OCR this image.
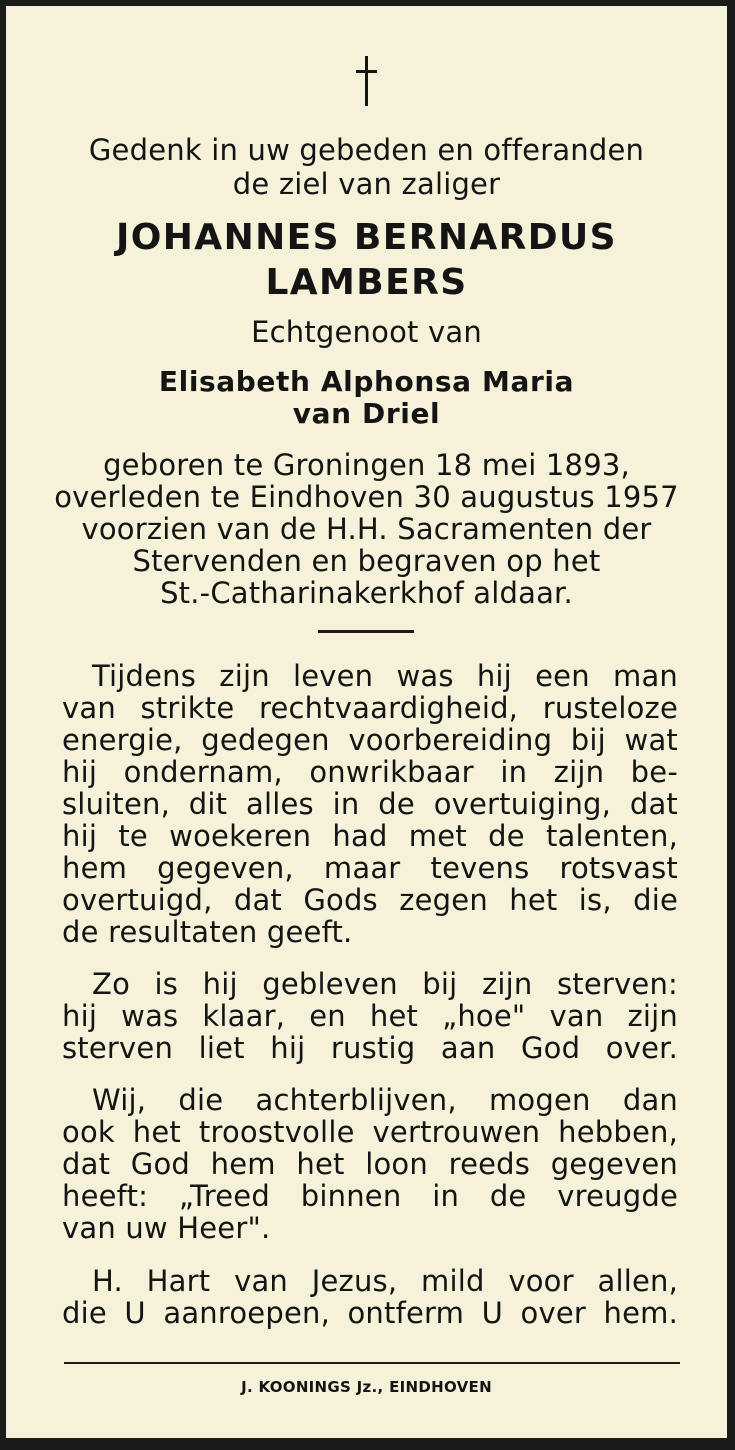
Gedenk in uw gebeden en offeranden
de ziel van zaliger
JOHANNES BERNARDUS
LAMBERS
Echtgenoot van
Elisabeth Alphonsa Maria
van Driel
geboren te Groningen 18 mei 1893,
overleden te Eindhoven 30 augustus 1957
voorzien van de H.H. Sacramenten der
Stervenden en begraven op het
St.-Catharinakerkhof aldaar.
Tijdens zijn leven was hij een man
van strikte rechtvaardigheid, rusteloze
energie, gedegen voorbereiding bij wat
hij ondernam, onwrikbaar in zijn be-
sluiten, dit alles in de overtuiging, dat
hij te woekeren had met de talenten,
hem gegeven, maar tevens rotsvast
overtuigd, dat Gods zegen het is, die
de resultaten geeft.
Zo is hij gebleven bij zijn sterven:
hij was klaar, en het „hoe" van zijn
sterven liet hij rustig aan God over.
Wij, die achterblijven, mogen dan
ook het troostvolle vertrouwen hebben,
dat God hem het loon reeds gegeven
heeft: „Treed binnen in de vreugde
van uw Heer".
H. Hart van Jezus, mild voor allen,
die U aanroepen, ontferm U over hem.
J. KOONINGS Jz., EINDHOVEN
